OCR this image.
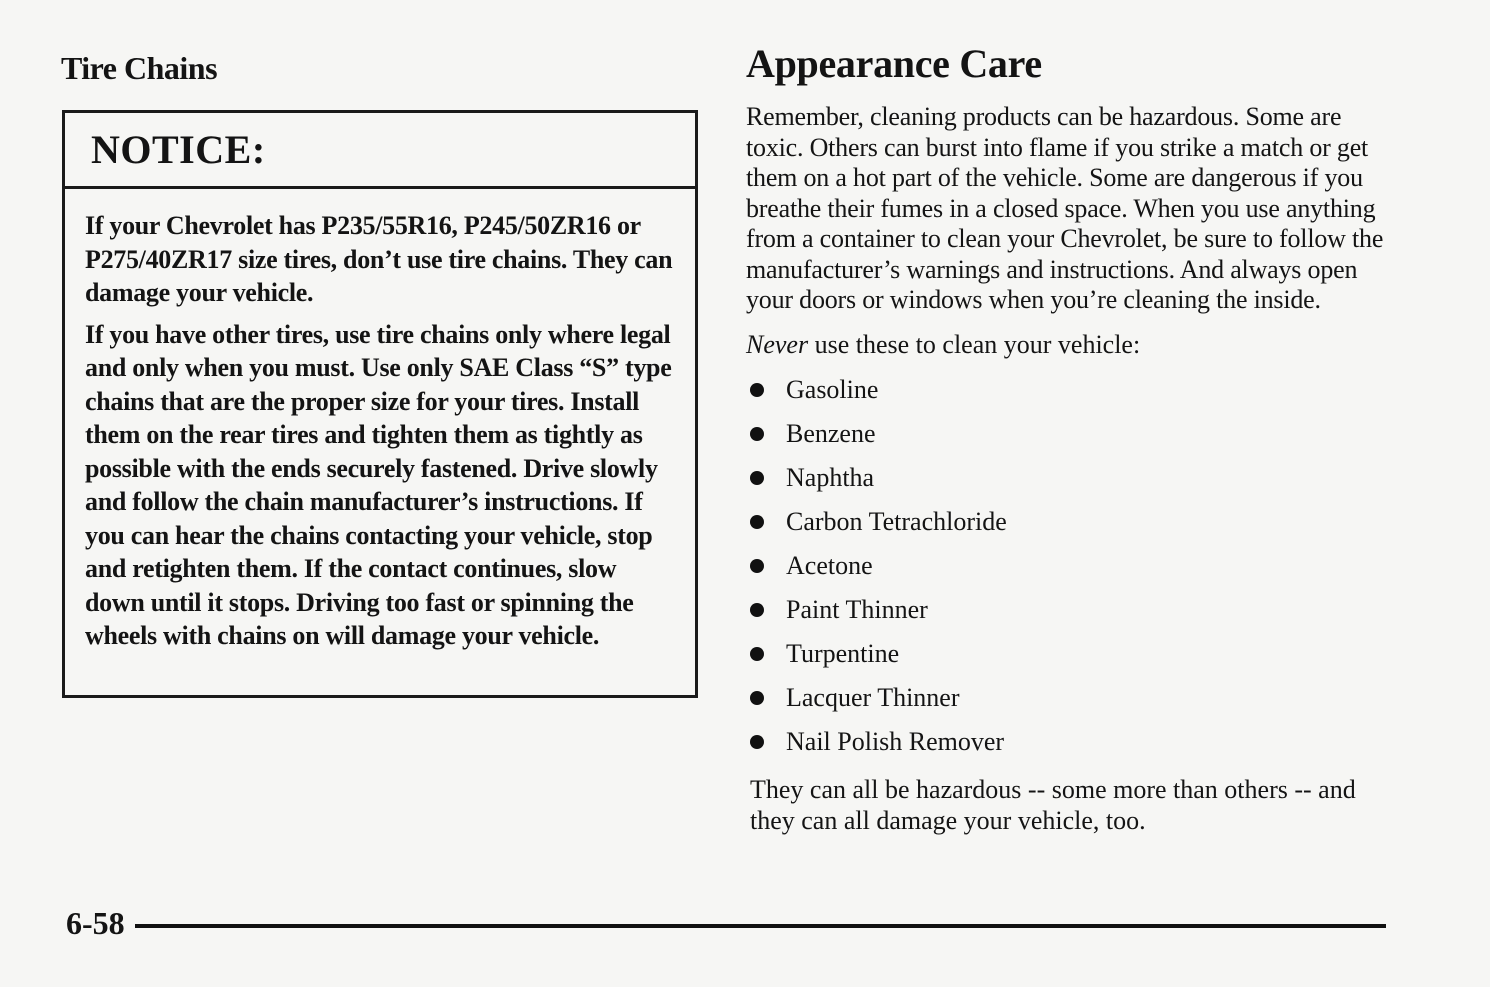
Tire Chains
NOTICE:

If your Chevrolet has P235/55R16, P245/50ZR16 or P275/40ZR17 size tires, don’t use tire chains. They can damage your vehicle.

If you have other tires, use tire chains only where legal and only when you must. Use only SAE Class “S” type chains that are the proper size for your tires. Install them on the rear tires and tighten them as tightly as possible with the ends securely fastened. Drive slowly and follow the chain manufacturer’s instructions. If you can hear the chains contacting your vehicle, stop and retighten them. If the contact continues, slow down until it stops. Driving too fast or spinning the wheels with chains on will damage your vehicle.

Appearance Care

Remember, cleaning products can be hazardous. Some are toxic. Others can burst into flame if you strike a match or get them on a hot part of the vehicle. Some are dangerous if you breathe their fumes in a closed space. When you use anything from a container to clean your Chevrolet, be sure to follow the manufacturer’s warnings and instructions. And always open your doors or windows when you’re cleaning the inside.

Never use these to clean your vehicle:

Gasoline
Benzene
Naphtha
Carbon Tetrachloride
Acetone
Paint Thinner
Turpentine
Lacquer Thinner
Nail Polish Remover

They can all be hazardous -- some more than others -- and they can all damage your vehicle, too.

6-58
